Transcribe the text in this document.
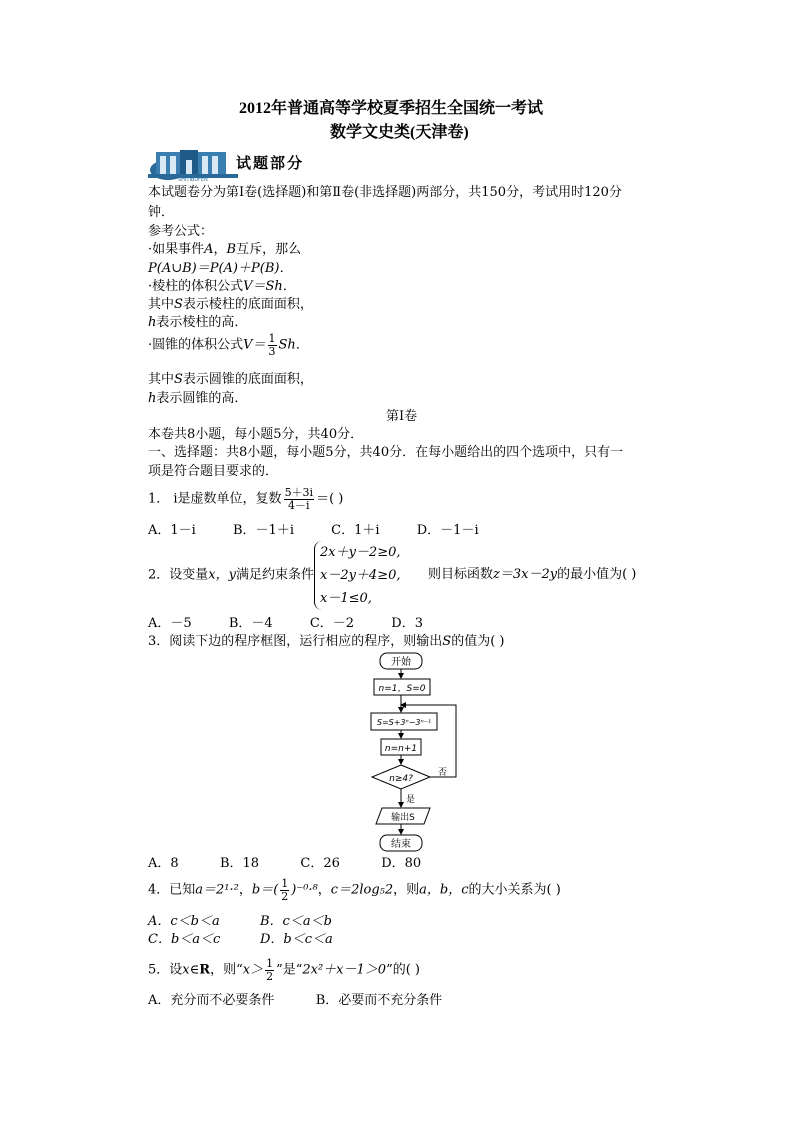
2012年普通高等学校夏季招生全国统一考试
数学文史类(天津卷)
SHITIBUFEN
试题部分
本试题卷分为第Ⅰ卷(选择题)和第Ⅱ卷(非选择题)两部分，共150分，考试用时120分
钟．
参考公式：
·如果事件A，B互斥，那么
P(A∪B)＝P(A)＋P(B)．
·棱柱的体积公式V＝Sh．
其中S表示棱柱的底面面积，
h表示棱柱的高．
·圆锥的体积公式$V= \frac{1}{3}$ Sh．
其中S表示圆锥的底面面积，
h表示圆锥的高．
第Ⅰ卷
本卷共8小题，每小题5分，共40分．
一、选择题：共8小题，每小题5分，共40分．在每小题给出的四个选项中，只有一
项是符合题目要求的．
1． i是虚数单位，复数 $\frac{5+3i}{4-i}$ ＝( )
A．1－i         B．－1＋i         C．1＋i         D．－1－i
2．设变量x，y满足约束条件2x＋y－2≥0,
x－2y＋4≥0,
x－1≤0,
则目标函数z＝3x－2y的最小值为( )
A．－5         B．－4         C．－2         D．3
3．阅读下边的程序框图，运行相应的程序，则输出S的值为( )
开始
n=1，S=0
S=S+3ⁿ−3ⁿ⁻¹
n=n+1
n≥4?
否
是
输出S
结束
A．8          B．18          C．26          D．80
4．已知a＝2¹·²，$b=( \frac{1}{2} )^{-0}\cdot^8$，c＝2log₅2，则a，b，c的大小关系为( )
A．c＜b＜a	B．c＜a＜b
C．b＜a＜c	D．b＜c＜a
5．设x∈R，则“$x> \frac{1}{2}$ ”是“2x²＋x－1＞0”的( )
A．充分而不必要条件          B．必要而不充分条件
